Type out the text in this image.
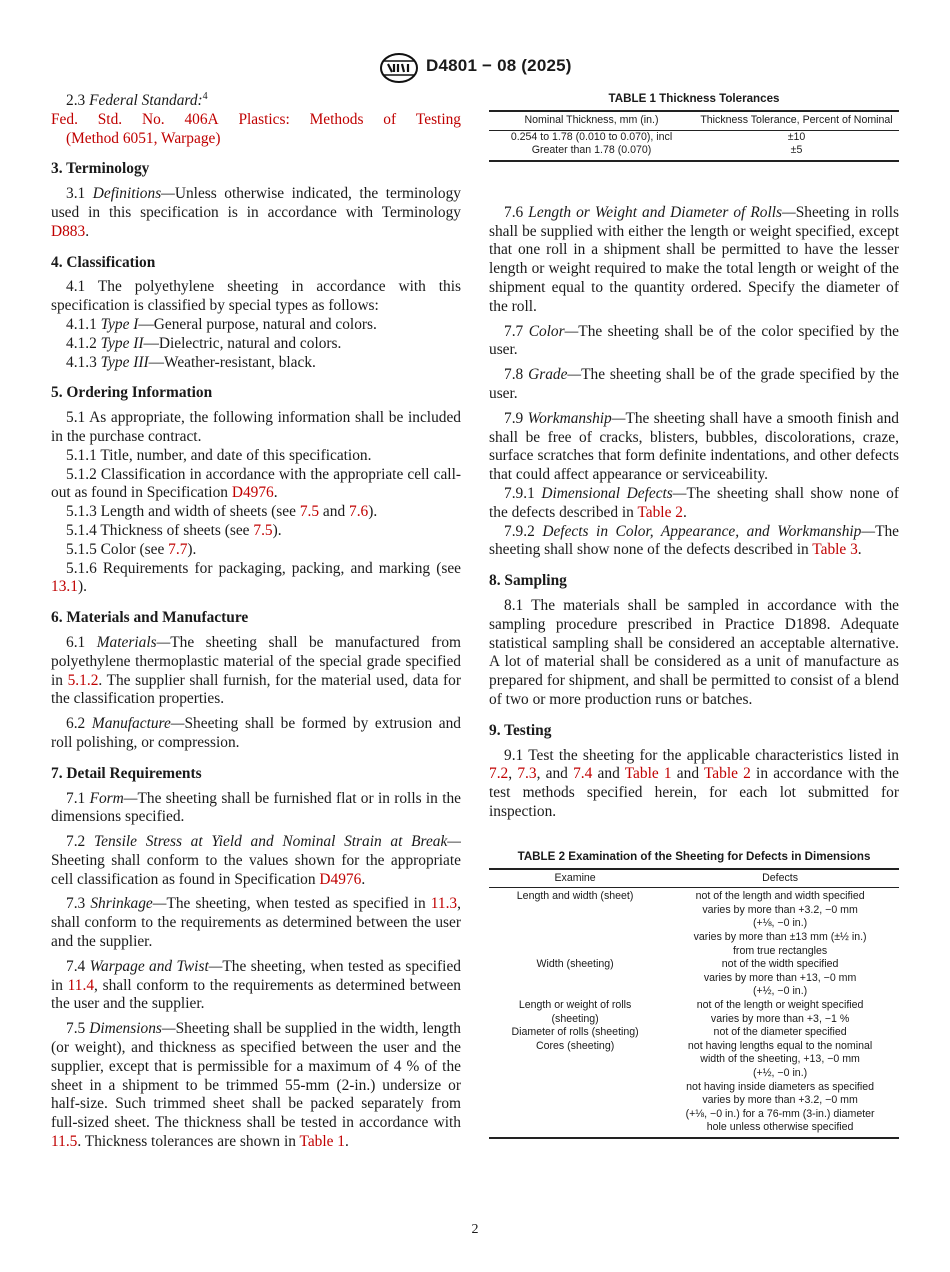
D4801 − 08 (2025)

2.3 Federal Standard:$^4$

Fed. Std. No. 406A Plastics: Methods of Testing

(Method 6051, Warpage)

3. Terminology

3.1 Definitions—Unless otherwise indicated, the terminology used in this specification is in accordance with Terminology D883.

4. Classification

4.1 The polyethylene sheeting in accordance with this specification is classified by special types as follows:

4.1.1 Type I—General purpose, natural and colors.

4.1.2 Type II—Dielectric, natural and colors.

4.1.3 Type III—Weather-resistant, black.

5. Ordering Information

5.1 As appropriate, the following information shall be included in the purchase contract.

5.1.1 Title, number, and date of this specification.

5.1.2 Classification in accordance with the appropriate cell call-out as found in Specification D4976.

5.1.3 Length and width of sheets (see 7.5 and 7.6).

5.1.4 Thickness of sheets (see 7.5).

5.1.5 Color (see 7.7).

5.1.6 Requirements for packaging, packing, and marking (see 13.1).

6. Materials and Manufacture

6.1 Materials—The sheeting shall be manufactured from polyethylene thermoplastic material of the special grade specified in 5.1.2. The supplier shall furnish, for the material used, data for the classification properties.

6.2 Manufacture—Sheeting shall be formed by extrusion and roll polishing, or compression.

7. Detail Requirements

7.1 Form—The sheeting shall be furnished flat or in rolls in the dimensions specified.

7.2 Tensile Stress at Yield and Nominal Strain at Break—Sheeting shall conform to the values shown for the appropriate cell classification as found in Specification D4976.

7.3 Shrinkage—The sheeting, when tested as specified in 11.3, shall conform to the requirements as determined between the user and the supplier.

7.4 Warpage and Twist—The sheeting, when tested as specified in 11.4, shall conform to the requirements as determined between the user and the supplier.

7.5 Dimensions—Sheeting shall be supplied in the width, length (or weight), and thickness as specified between the user and the supplier, except that is permissible for a maximum of 4 % of the sheet in a shipment to be trimmed 55-mm (2-in.) undersize or half-size. Such trimmed sheet shall be packed separately from full-sized sheet. The thickness shall be tested in accordance with 11.5. Thickness tolerances are shown in Table 1.

TABLE 1 Thickness Tolerances
Nominal Thickness, mm (in.)	Thickness Tolerance, Percent of Nominal
0.254 to 1.78 (0.010 to 0.070), incl	±10
Greater than 1.78 (0.070)	±5

7.6 Length or Weight and Diameter of Rolls—Sheeting in rolls shall be supplied with either the length or weight specified, except that one roll in a shipment shall be permitted to have the lesser length or weight required to make the total length or weight of the shipment equal to the quantity ordered. Specify the diameter of the roll.

7.7 Color—The sheeting shall be of the color specified by the user.

7.8 Grade—The sheeting shall be of the grade specified by the user.

7.9 Workmanship—The sheeting shall have a smooth finish and shall be free of cracks, blisters, bubbles, discolorations, craze, surface scratches that form definite indentations, and other defects that could affect appearance or serviceability.

7.9.1 Dimensional Defects—The sheeting shall show none of the defects described in Table 2.

7.9.2 Defects in Color, Appearance, and Workmanship—The sheeting shall show none of the defects described in Table 3.

8. Sampling

8.1 The materials shall be sampled in accordance with the sampling procedure prescribed in Practice D1898. Adequate statistical sampling shall be considered an acceptable alternative. A lot of material shall be considered as a unit of manufacture as prepared for shipment, and shall be permitted to consist of a blend of two or more production runs or batches.

9. Testing

9.1 Test the sheeting for the applicable characteristics listed in 7.2, 7.3, and 7.4 and Table 1 and Table 2 in accordance with the test methods specified herein, for each lot submitted for inspection.

TABLE 2 Examination of the Sheeting for Defects in Dimensions
Examine	Defects
Length and width (sheet)	not of the length and width specified
	varies by more than +3.2, −0 mm
	(+⅛, −0 in.)
	varies by more than ±13 mm (±½ in.)
	from true rectangles
Width (sheeting)	not of the width specified
	varies by more than +13, −0 mm
	(+½, −0 in.)
Length or weight of rolls	not of the length or weight specified
(sheeting)	varies by more than +3, −1 %
Diameter of rolls (sheeting)	not of the diameter specified
Cores (sheeting)	not having lengths equal to the nominal
	width of the sheeting, +13, −0 mm
	(+½, −0 in.)
	not having inside diameters as specified
	varies by more than +3.2, −0 mm
	(+⅛, −0 in.) for a 76-mm (3-in.) diameter
	hole unless otherwise specified
2
